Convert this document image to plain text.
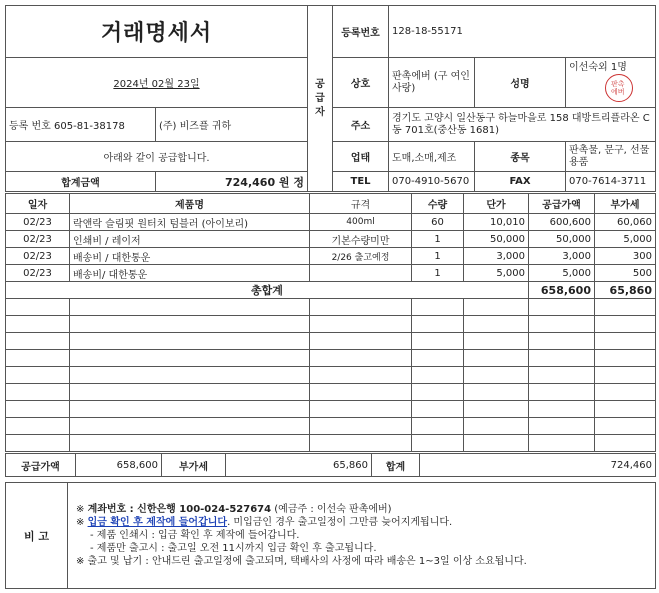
거래명세서		공급자	등록번호	128-18-55171		
2024년 02월 23일			상호	판촉에버 (구 여인사랑)	성명	이선숙외 1명

판촉
에버

등록 번호 605-81-38178	(주) 비즈플 귀하		주소	경기도 고양시 일산동구 하늘마을로 158 대방트리플라온 C동 701호(중산동 1681)		
아래와 같이 공급합니다.			업태	도매,소매,제조	종목	판촉물, 문구, 선물용품
합계금액	724,460 원 정		TEL	070-4910-5670	FAX	070-7614-3711
일자	제품명	규격	수량	단가	공급가액	부가세
02/23	락앤락 슬림핏 원터치 텀블러 (아이보리)	400ml	60	10,010	600,600	60,060
02/23	인쇄비 / 레이저	기본수량미만	1	50,000	50,000	5,000
02/23	배송비 / 대한통운	2/26 출고예정	1	3,000	3,000	300
02/23	배송비/ 대한통운		1	5,000	5,000	500
총합계					658,600	65,860

공급가액	658,600	부가세	65,860	합계	724,460
비 고	
※ 계좌번호 : 신한은행 100-024-527674 (예금주 : 이선숙 판촉에버)
※ 입금 확인 후 제작에 들어갑니다. 미입금인 경우 출고일정이 그만큼 늦어지게됩니다.
- 제품 인쇄시 : 입금 확인 후 제작에 들어갑니다.
- 제품만 출고시 : 출고일 오전 11시까지 입금 확인 후 출고됩니다.
※ 출고 및 납기 : 안내드린 출고일정에 출고되며, 택배사의 사정에 따라 배송은 1~3일 이상 소요됩니다.
